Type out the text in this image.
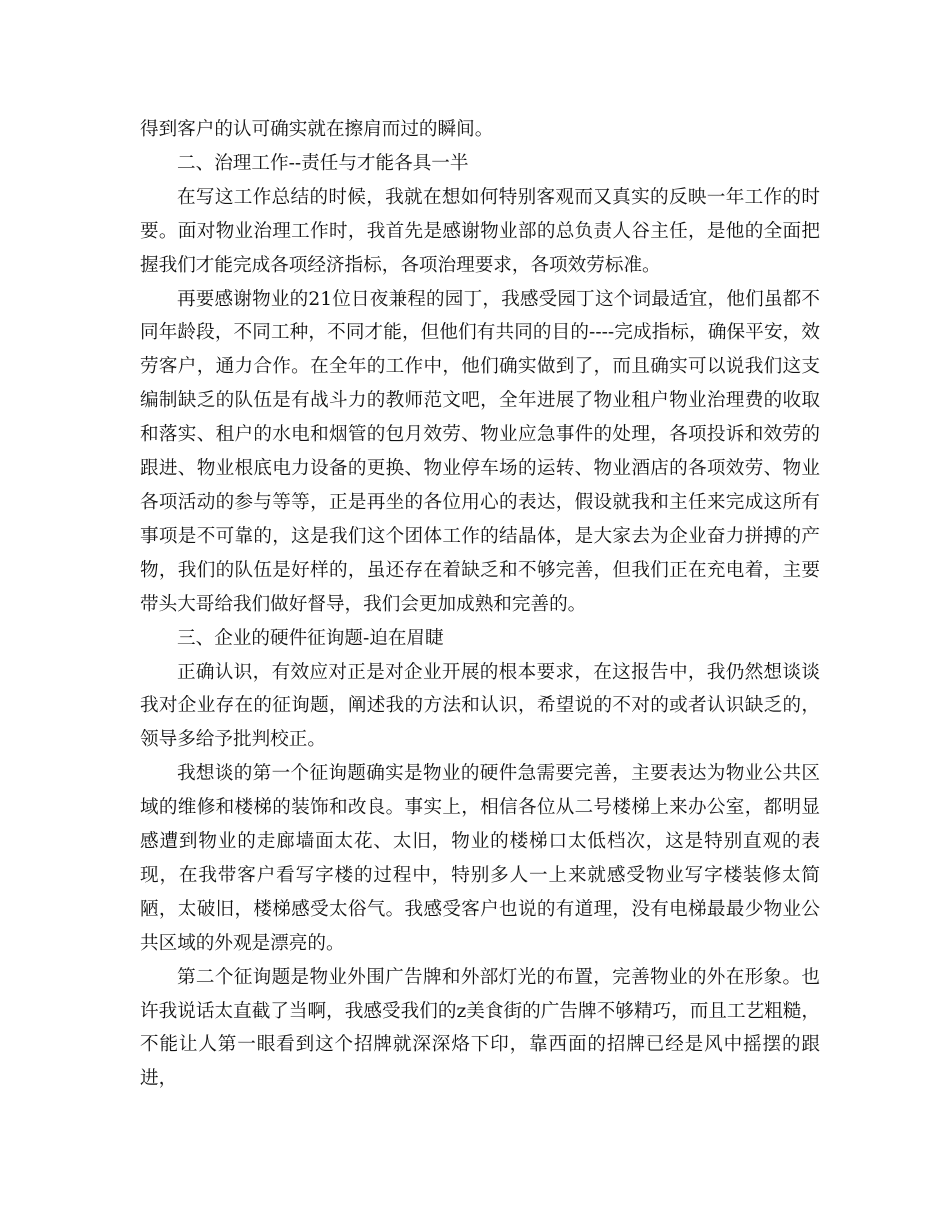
得到客户的认可确实就在擦肩而过的瞬间。

二、治理工作--责任与才能各具一半

在写这工作总结的时候，我就在想如何特别客观而又真实的反映一年工作的时要。面对物业治理工作时，我首先是感谢物业部的总负责人谷主任，是他的全面把握我们才能完成各项经济指标，各项治理要求，各项效劳标准。

再要感谢物业的21位日夜兼程的园丁，我感受园丁这个词最适宜，他们虽都不同年龄段，不同工种，不同才能，但他们有共同的目的----完成指标，确保平安，效劳客户，通力合作。在全年的工作中，他们确实做到了，而且确实可以说我们这支编制缺乏的队伍是有战斗力的教师范文吧，全年进展了物业租户物业治理费的收取和落实、租户的水电和烟管的包月效劳、物业应急事件的处理，各项投诉和效劳的跟进、物业根底电力设备的更换、物业停车场的运转、物业酒店的各项效劳、物业各项活动的参与等等，正是再坐的各位用心的表达，假设就我和主任来完成这所有事项是不可靠的，这是我们这个团体工作的结晶体，是大家去为企业奋力拼搏的产物，我们的队伍是好样的，虽还存在着缺乏和不够完善，但我们正在充电着，主要带头大哥给我们做好督导，我们会更加成熟和完善的。

三、企业的硬件征询题-迫在眉睫

正确认识，有效应对正是对企业开展的根本要求，在这报告中，我仍然想谈谈我对企业存在的征询题，阐述我的方法和认识，希望说的不对的或者认识缺乏的，领导多给予批判校正。

我想谈的第一个征询题确实是物业的硬件急需要完善，主要表达为物业公共区域的维修和楼梯的装饰和改良。事实上，相信各位从二号楼梯上来办公室，都明显感遭到物业的走廊墙面太花、太旧，物业的楼梯口太低档次，这是特别直观的表现，在我带客户看写字楼的过程中，特别多人一上来就感受物业写字楼装修太简陋，太破旧，楼梯感受太俗气。我感受客户也说的有道理，没有电梯最最少物业公共区域的外观是漂亮的。

第二个征询题是物业外围广告牌和外部灯光的布置，完善物业的外在形象。也许我说话太直截了当啊，我感受我们的z美食街的广告牌不够精巧，而且工艺粗糙，不能让人第一眼看到这个招牌就深深烙下印，靠西面的招牌已经是风中摇摆的跟进，
